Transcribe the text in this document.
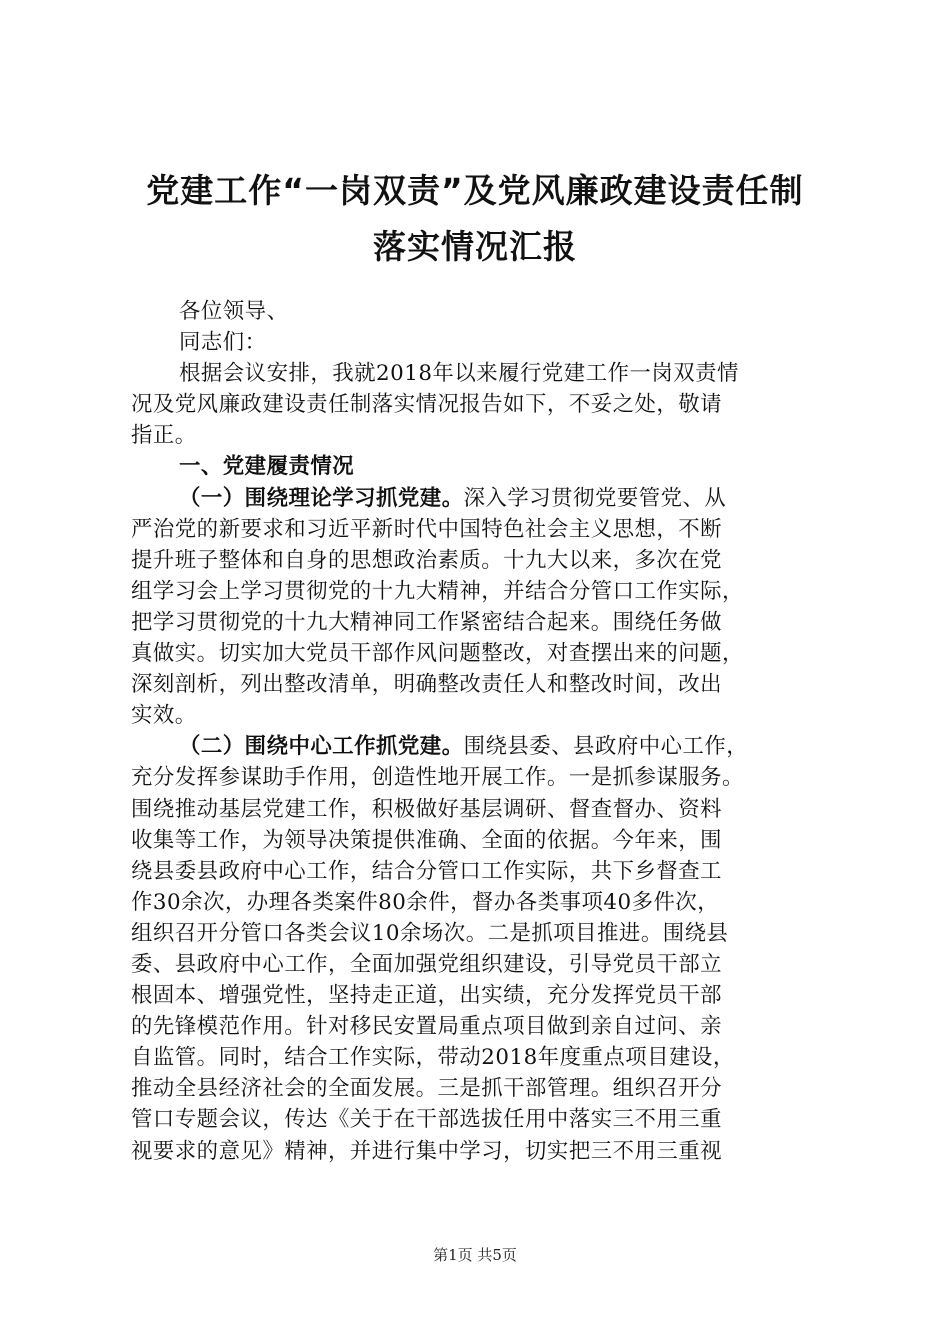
党建工作“一岗双责”及党风廉政建设责任制
落实情况汇报
各位领导、
同志们：
根据会议安排，我就2018年以来履行党建工作一岗双责情
况及党风廉政建设责任制落实情况报告如下，不妥之处，敬请
指正。
一、党建履责情况
（一）围绕理论学习抓党建。深入学习贯彻党要管党、从
严治党的新要求和习近平新时代中国特色社会主义思想，不断
提升班子整体和自身的思想政治素质。十九大以来，多次在党
组学习会上学习贯彻党的十九大精神，并结合分管口工作实际，
把学习贯彻党的十九大精神同工作紧密结合起来。围绕任务做
真做实。切实加大党员干部作风问题整改，对查摆出来的问题，
深刻剖析，列出整改清单，明确整改责任人和整改时间，改出
实效。
（二）围绕中心工作抓党建。围绕县委、县政府中心工作，
充分发挥参谋助手作用，创造性地开展工作。一是抓参谋服务。
围绕推动基层党建工作，积极做好基层调研、督查督办、资料
收集等工作，为领导决策提供准确、全面的依据。今年来，围
绕县委县政府中心工作，结合分管口工作实际，共下乡督查工
作30余次，办理各类案件80余件，督办各类事项40多件次，
组织召开分管口各类会议10余场次。二是抓项目推进。围绕县
委、县政府中心工作，全面加强党组织建设，引导党员干部立
根固本、增强党性，坚持走正道，出实绩，充分发挥党员干部
的先锋模范作用。针对移民安置局重点项目做到亲自过问、亲
自监管。同时，结合工作实际，带动2018年度重点项目建设，
推动全县经济社会的全面发展。三是抓干部管理。组织召开分
管口专题会议，传达《关于在干部选拔任用中落实三不用三重
视要求的意见》精神，并进行集中学习，切实把三不用三重视
第1页 共5页
